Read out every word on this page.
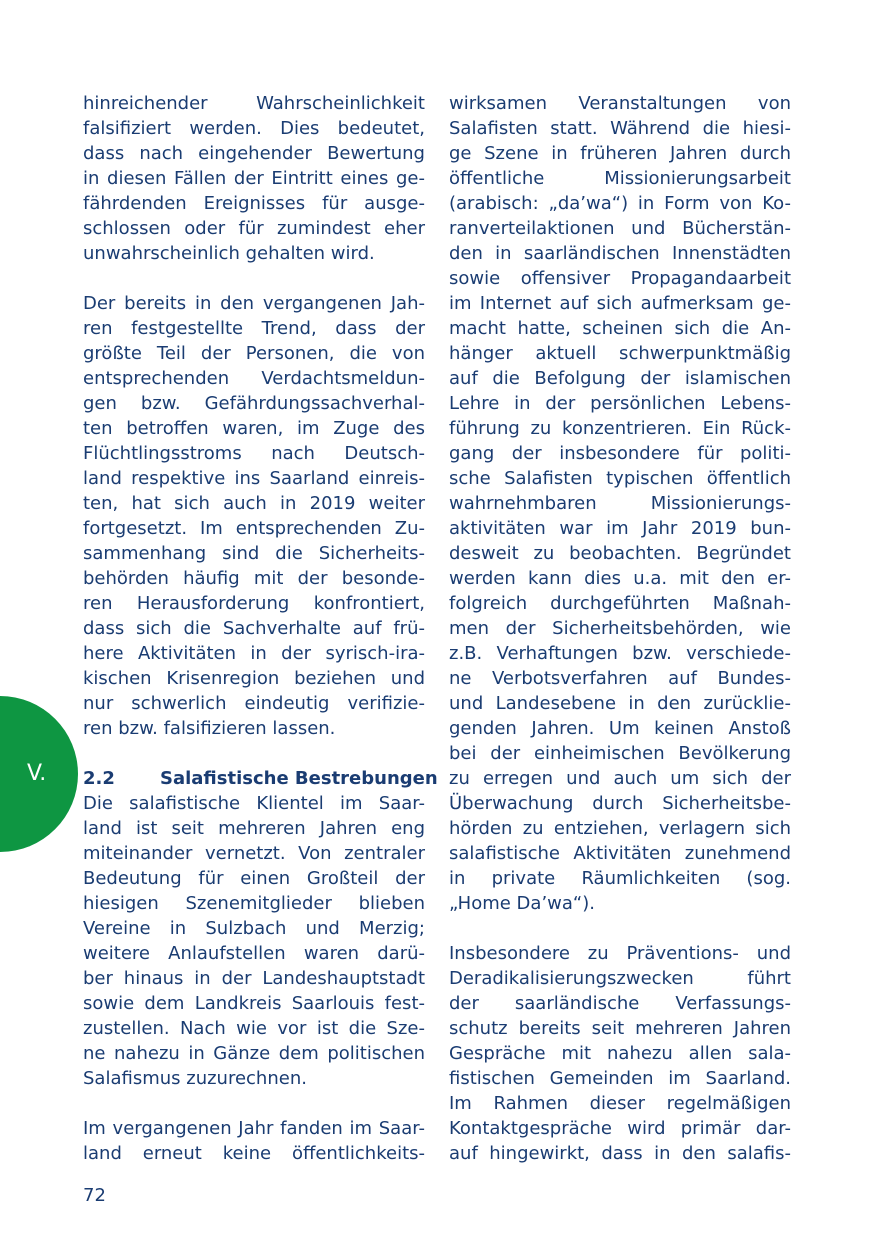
V.
hinreichender Wahrscheinlichkeit
falsifiziert werden. Dies bedeutet,
dass nach eingehender Bewertung
in diesen Fällen der Eintritt eines ge-
fährdenden Ereignisses für ausge-
schlossen oder für zumindest eher
unwahrscheinlich gehalten wird.
Der bereits in den vergangenen Jah-
ren festgestellte Trend, dass der
größte Teil der Personen, die von
entsprechenden Verdachtsmeldun-
gen bzw. Gefährdungssachverhal-
ten betroffen waren, im Zuge des
Flüchtlingsstroms nach Deutsch-
land respektive ins Saarland einreis-
ten, hat sich auch in 2019 weiter
fortgesetzt. Im entsprechenden Zu-
sammenhang sind die Sicherheits-
behörden häufig mit der besonde-
ren Herausforderung konfrontiert,
dass sich die Sachverhalte auf frü-
here Aktivitäten in der syrisch-ira-
kischen Krisenregion beziehen und
nur schwerlich eindeutig verifizie-
ren bzw. falsifizieren lassen.
2.2	Salafistische Bestrebungen
Die salafistische Klientel im Saar-
land ist seit mehreren Jahren eng
miteinander vernetzt. Von zentraler
Bedeutung für einen Großteil der
hiesigen Szenemitglieder blieben
Vereine in Sulzbach und Merzig;
weitere Anlaufstellen waren darü-
ber hinaus in der Landeshauptstadt
sowie dem Landkreis Saarlouis fest-
zustellen. Nach wie vor ist die Sze-
ne nahezu in Gänze dem politischen
Salafismus zuzurechnen.
Im vergangenen Jahr fanden im Saar-
land erneut keine öffentlichkeits-
wirksamen Veranstaltungen von
Salafisten statt. Während die hiesi-
ge Szene in früheren Jahren durch
öffentliche Missionierungsarbeit
(arabisch: „da’wa“) in Form von Ko-
ranverteilaktionen und Bücherstän-
den in saarländischen Innenstädten
sowie offensiver Propagandaarbeit
im Internet auf sich aufmerksam ge-
macht hatte, scheinen sich die An-
hänger aktuell schwerpunktmäßig
auf die Befolgung der islamischen
Lehre in der persönlichen Lebens-
führung zu konzentrieren. Ein Rück-
gang der insbesondere für politi-
sche Salafisten typischen öffentlich
wahrnehmbaren Missionierungs-
aktivitäten war im Jahr 2019 bun-
desweit zu beobachten. Begründet
werden kann dies u.a. mit den er-
folgreich durchgeführten Maßnah-
men der Sicherheitsbehörden, wie
z.B. Verhaftungen bzw. verschiede-
ne Verbotsverfahren auf Bundes-
und Landesebene in den zurücklie-
genden Jahren. Um keinen Anstoß
bei der einheimischen Bevölkerung
zu erregen und auch um sich der
Überwachung durch Sicherheitsbe-
hörden zu entziehen, verlagern sich
salafistische Aktivitäten zunehmend
in private Räumlichkeiten (sog.
„Home Da’wa“).
Insbesondere zu Präventions- und
Deradikalisierungszwecken führt
der saarländische Verfassungs-
schutz bereits seit mehreren Jahren
Gespräche mit nahezu allen sala-
fistischen Gemeinden im Saarland.
Im Rahmen dieser regelmäßigen
Kontaktgespräche wird primär dar-
auf hingewirkt, dass in den salafis-
72
